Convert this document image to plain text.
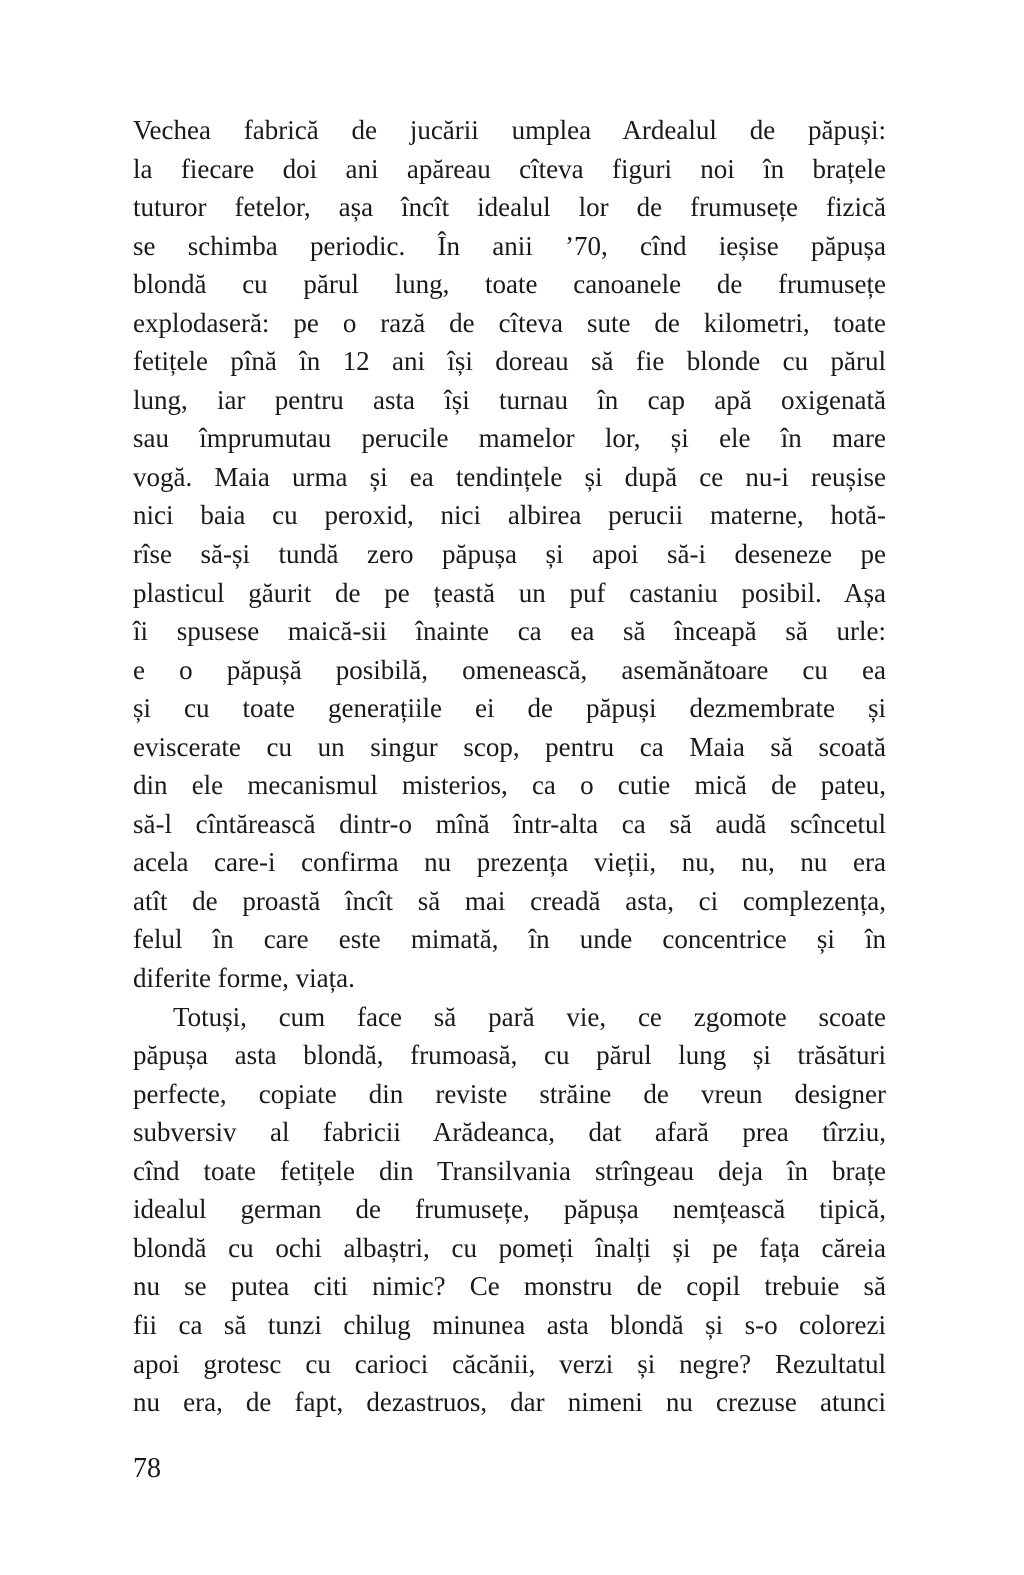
Vechea fabrică de jucării umplea Ardealul de păpuși:
la fiecare doi ani apăreau cîteva figuri noi în brațele
tuturor fetelor, așa încît idealul lor de frumusețe fizică
se schimba periodic. În anii ’70, cînd ieșise păpușa
blondă cu părul lung, toate canoanele de frumusețe
explodaseră: pe o rază de cîteva sute de kilometri, toate
fetițele pînă în 12 ani își doreau să fie blonde cu părul
lung, iar pentru asta își turnau în cap apă oxigenată
sau împrumutau perucile mamelor lor, și ele în mare
vogă. Maia urma și ea tendințele și după ce nu-i reușise
nici baia cu peroxid, nici albirea perucii materne, hotă-
rîse să-și tundă zero păpușa și apoi să-i deseneze pe
plasticul găurit de pe țeastă un puf castaniu posibil. Așa
îi spusese maică-sii înainte ca ea să înceapă să urle:
e o păpușă posibilă, omenească, asemănătoare cu ea
și cu toate generațiile ei de păpuși dezmembrate și
eviscerate cu un singur scop, pentru ca Maia să scoată
din ele mecanismul misterios, ca o cutie mică de pateu,
să-l cîntărească dintr-o mînă într-alta ca să audă scîncetul
acela care-i confirma nu prezența vieții, nu, nu, nu era
atît de proastă încît să mai creadă asta, ci complezența,
felul în care este mimată, în unde concentrice și în
diferite forme, viața.
Totuși, cum face să pară vie, ce zgomote scoate
păpușa asta blondă, frumoasă, cu părul lung și trăsături
perfecte, copiate din reviste străine de vreun designer
subversiv al fabricii Arădeanca, dat afară prea tîrziu,
cînd toate fetițele din Transilvania strîngeau deja în brațe
idealul german de frumusețe, păpușa nemțească tipică,
blondă cu ochi albaștri, cu pomeți înalți și pe fața căreia
nu se putea citi nimic? Ce monstru de copil trebuie să
fii ca să tunzi chilug minunea asta blondă și s-o colorezi
apoi grotesc cu carioci căcănii, verzi și negre? Rezultatul
nu era, de fapt, dezastruos, dar nimeni nu crezuse atunci
78
